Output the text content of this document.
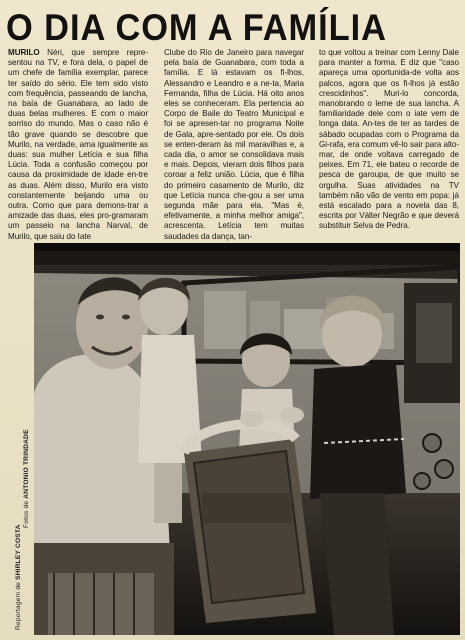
O DIA COM A FAMÍLIA
MURILO Néri, que sempre repre-sentou na TV, e fora dela, o papel de um chefe de família exemplar, parece ter saído do sério. Ele tem sido visto com frequência, passeando de lancha, na baía de Guanabara, ao lado de duas belas mulheres. E com o maior sorriso do mundo. Mas o caso não é tão grave quando se descobre que Murilo, na verdade, ama igualmente as duas: sua mulher Letícia e sua filha Lúcia. Toda a confusão começou por causa da proximidade de idade en-tre as duas. Além disso, Murilo era visto constantemente beijando uma ou outra. Como que para demons-trar a amizade das duas, eles pro-gramaram um passeio na lancha Narval, de Murilo, que saiu do Iate
Clube do Rio de Janeiro para navegar pela baía de Guanabara, com toda a família. E lá estavam os fi-lhos, Alessandro e Leandro e a ne-ta, Maria Fernanda, filha de Lúcia. Há oito anos eles se conheceram. Ela pertencia ao Corpo de Baile do Teatro Municipal e foi se apresen-tar no programa Noite de Gala, apre-sentado por ele. Os dois se enten-deram às mil maravilhas e, a cada dia, o amor se consolidava mais e mais. Depois, vieram dois filhos para coroar a feliz união. Lúcia, que é filha do primeiro casamento de Murilo, diz que Letícia nunca che-gou a ser uma segunda mãe para ela. "Mas é, efetivamente, a minha melhor amiga", acrescenta. Letícia tem muitas saudades da dança, tan-
to que voltou a treinar com Lenny Dale para manter a forma. E diz que "caso apareça uma oportunida-de volta aos palcos, agora que os fi-lhos já estão crescidinhos". Muri-lo concorda, manobrando o leme de sua lancha. A familiaridade dele com o iate vem de longa data. An-tes de ter as tardes de sábado ocupadas com o Programa da Gi-rafa, era comum vê-lo sair para alto-mar, de onde voltava carregado de peixes. Em 71, ele bateu o recorde de pesca de garoupa, de que muito se orgulha. Suas atividades na TV também não vão de vento em popa: já está escalado para a novela das 8, escrita por Válter Negrão e que deverá substituir Selva de Pedra.
Reportagem de SHIRLEY COSTA
Fotos de ANTONIO TRINDADE
